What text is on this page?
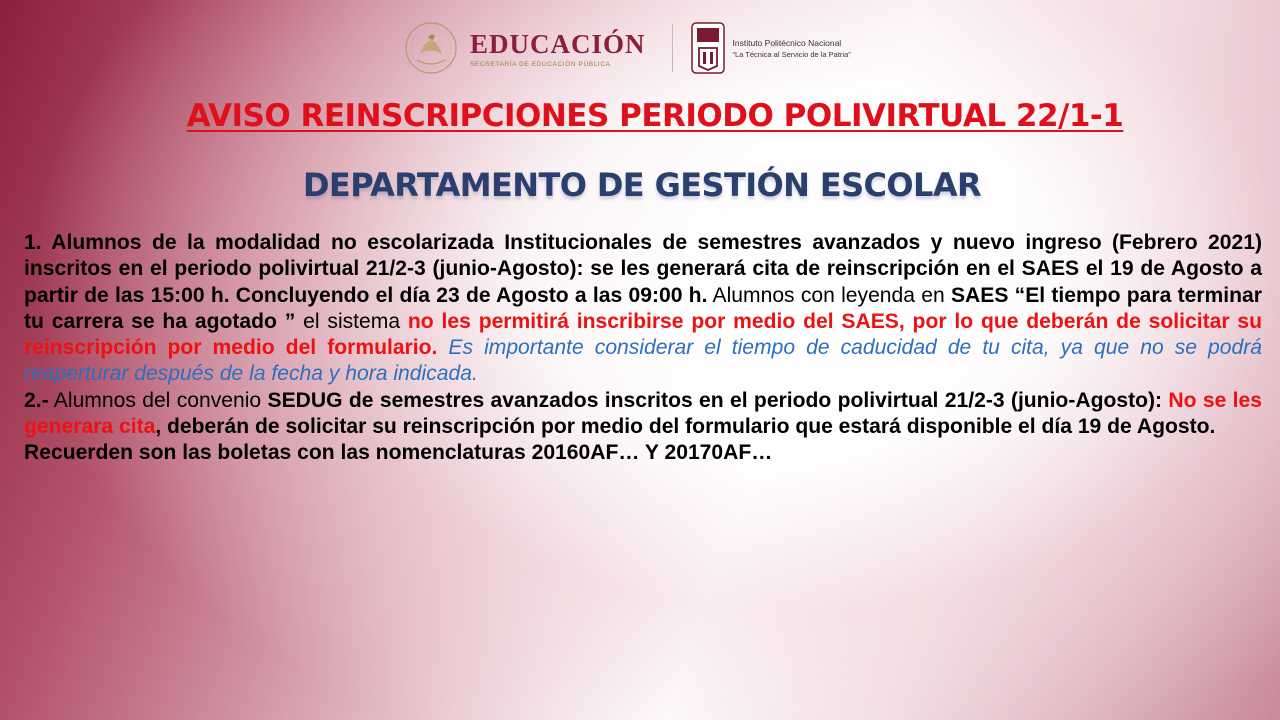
EDUCACIÓN
SECRETARÍA DE EDUCACIÓN PÚBLICA
Instituto Politécnico Nacional
“La Técnica al Servicio de la Patria”
AVISO REINSCRIPCIONES PERIODO POLIVIRTUAL 22/1-1
DEPARTAMENTO DE GESTIÓN ESCOLAR

1. Alumnos de la modalidad no escolarizada Institucionales de semestres avanzados y nuevo ingreso (Febrero 2021) inscritos en el periodo polivirtual 21/2-3 (junio-Agosto): se les generará cita de reinscripción en el SAES el 19 de Agosto a partir de las 15:00 h. Concluyendo el día 23 de Agosto a las 09:00 h. Alumnos con leyenda en SAES “El tiempo para terminar tu carrera se ha agotado ” el sistema no les permitirá inscribirse por medio del SAES, por lo que deberán de solicitar su reinscripción por medio del formulario. Es importante considerar el tiempo de caducidad de tu cita, ya que no se podrá reaperturar después de la fecha y hora indicada.

2.- Alumnos del convenio SEDUG de semestres avanzados inscritos en el periodo polivirtual 21/2-3 (junio-Agosto): No se les generara cita, deberán de solicitar su reinscripción por medio del formulario que estará disponible el día 19 de Agosto.

Recuerden son las boletas con las nomenclaturas 20160AF… Y 20170AF…
